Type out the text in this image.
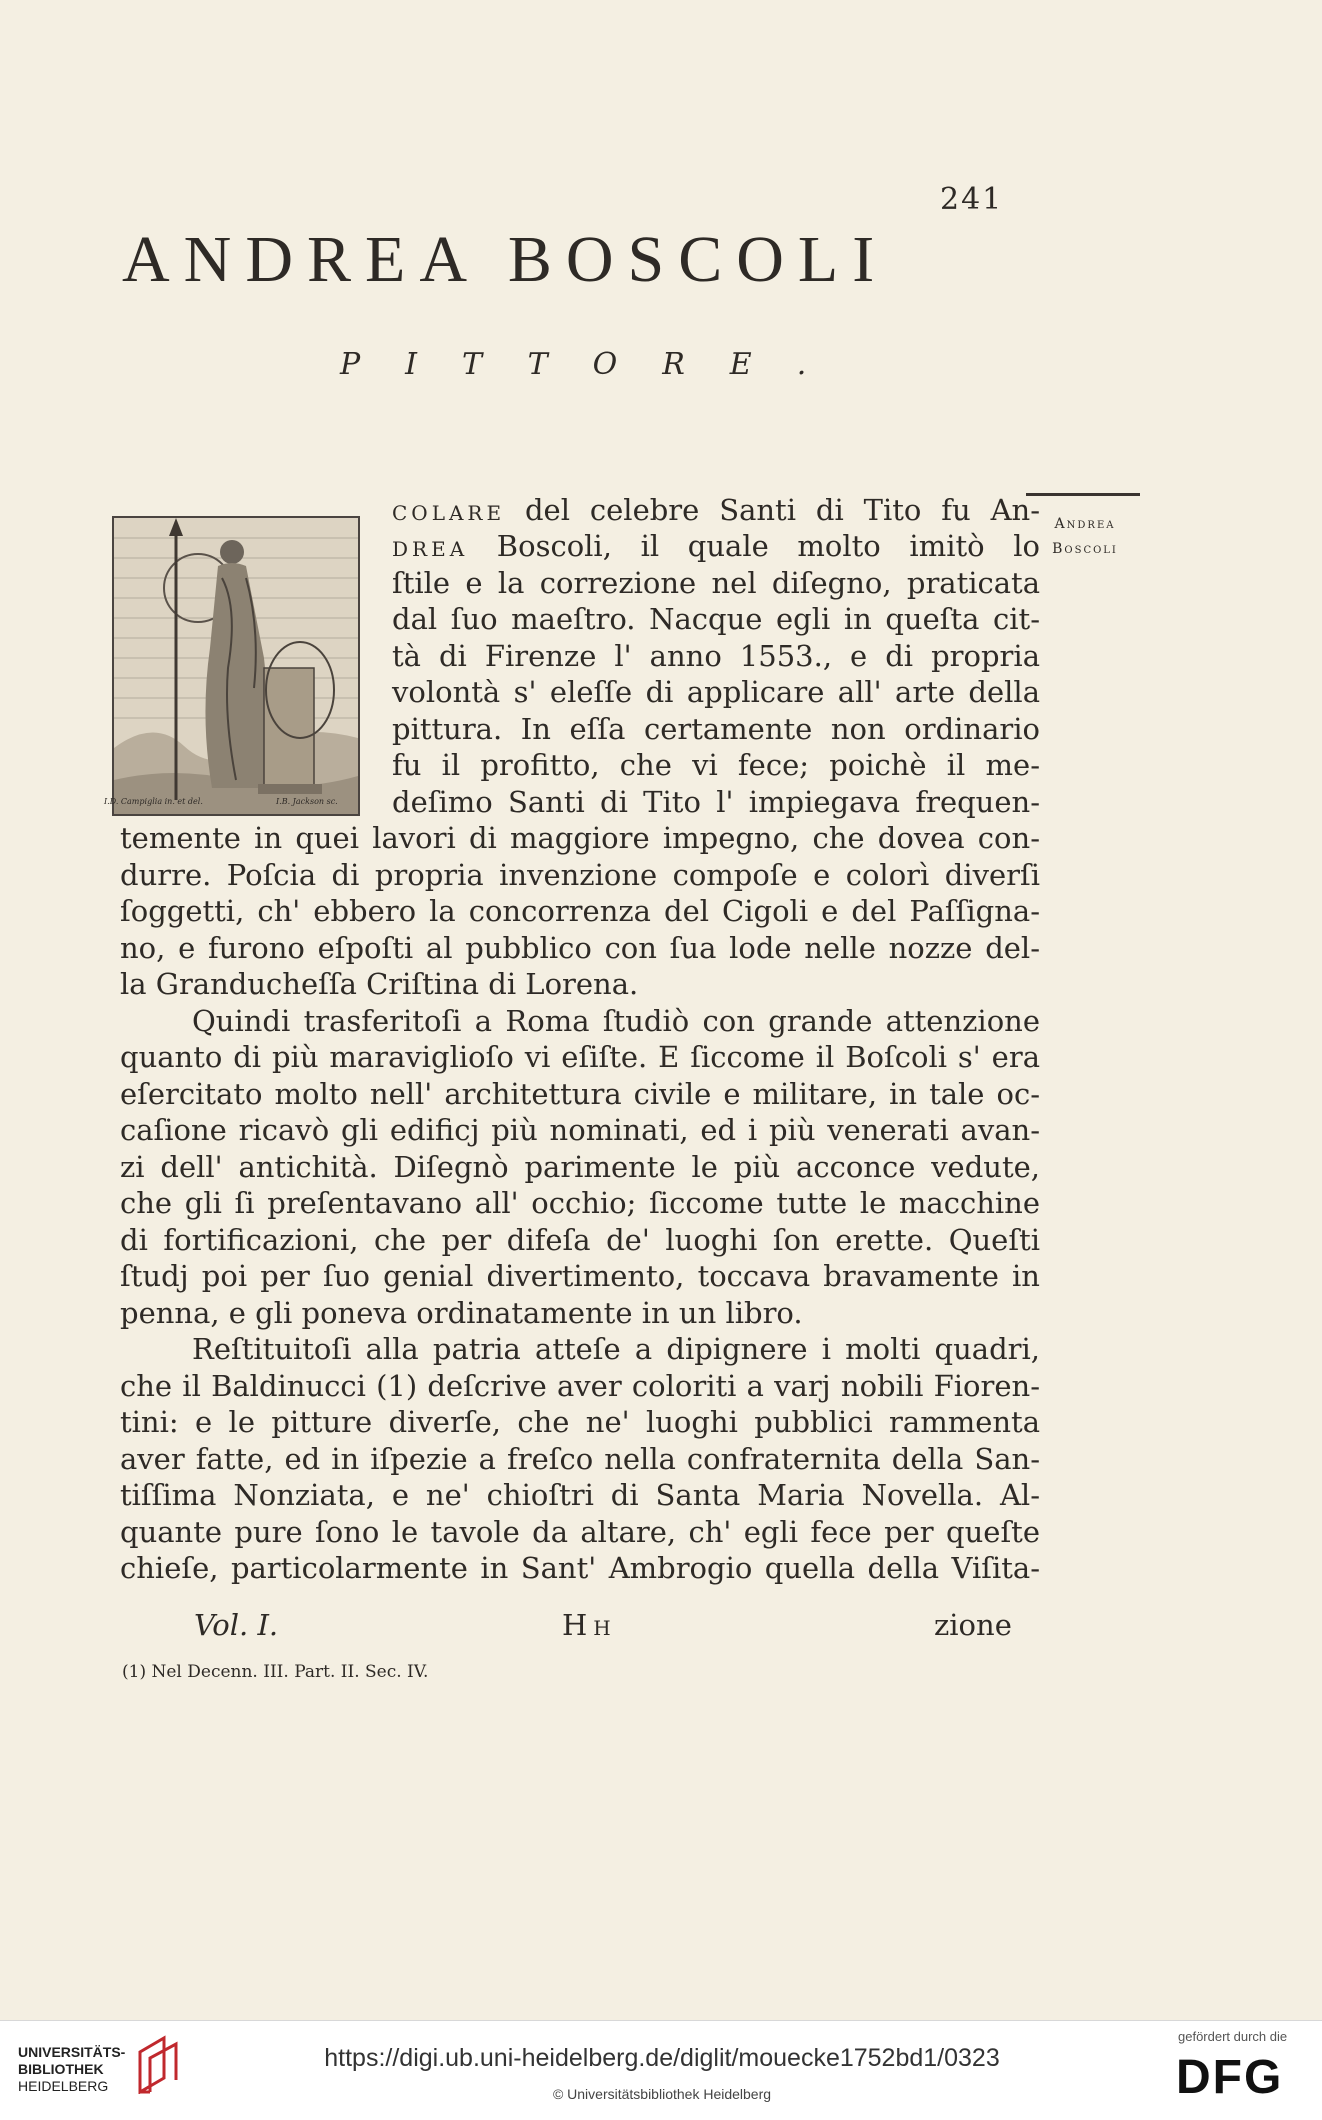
241
ANDREA BOSCOLI
PITTORE.
I.D. Campiglia in. et del.	I.B. Jackson sc.
Andrea
Boscoli
colare del celebre Santi di Tito fu An-
drea Boscoli, il quale molto imitò lo
ſtile e la correzione nel diſegno, praticata
dal ſuo maeſtro. Nacque egli in queſta cit-
tà di Firenze l' anno 1553., e di propria
volontà s' eleſſe di applicare all' arte della
pittura. In eſſa certamente non ordinario
fu il profitto, che vi fece; poichè il me-
deſimo Santi di Tito l' impiegava frequen-
temente in quei lavori di maggiore impegno, che dovea con-
durre. Poſcia di propria invenzione compoſe e colorì diverſi
ſoggetti, ch' ebbero la concorrenza del Cigoli e del Paſſigna-
no, e furono eſpoſti al pubblico con ſua lode nelle nozze del-
la Granducheſſa Criſtina di Lorena.
Quindi trasferitoſi a Roma ſtudiò con grande attenzione
quanto di più maraviglioſo vi eſiſte. E ſiccome il Boſcoli s' era
eſercitato molto nell' architettura civile e militare, in tale oc-
caſione ricavò gli edificj più nominati, ed i più venerati avan-
zi dell' antichità. Diſegnò parimente le più acconce vedute,
che gli ſi preſentavano all' occhio; ſiccome tutte le macchine
di fortificazioni, che per difeſa de' luoghi ſon erette. Queſti
ſtudj poi per ſuo genial divertimento, toccava bravamente in
penna, e gli poneva ordinatamente in un libro.
Reſtituitoſi alla patria atteſe a dipignere i molti quadri,
che il Baldinucci (1) deſcrive aver coloriti a varj nobili Fioren-
tini: e le pitture diverſe, che ne' luoghi pubblici rammenta
aver fatte, ed in iſpezie a freſco nella confraternita della San-
tiſſima Nonziata, e ne' chioſtri di Santa Maria Novella. Al-
quante pure ſono le tavole da altare, ch' egli fece per queſte
chieſe, particolarmente in Sant' Ambrogio quella della Viſita-
Vol. I.	Hh	zione
(1) Nel Decenn. III. Part. II. Sec. IV.
UNIVERSITÄTS-
BIBLIOTHEK
HEIDELBERG
https://digi.ub.uni-heidelberg.de/diglit/mouecke1752bd1/0323
© Universitätsbibliothek Heidelberg
gefördert durch die
DFG
